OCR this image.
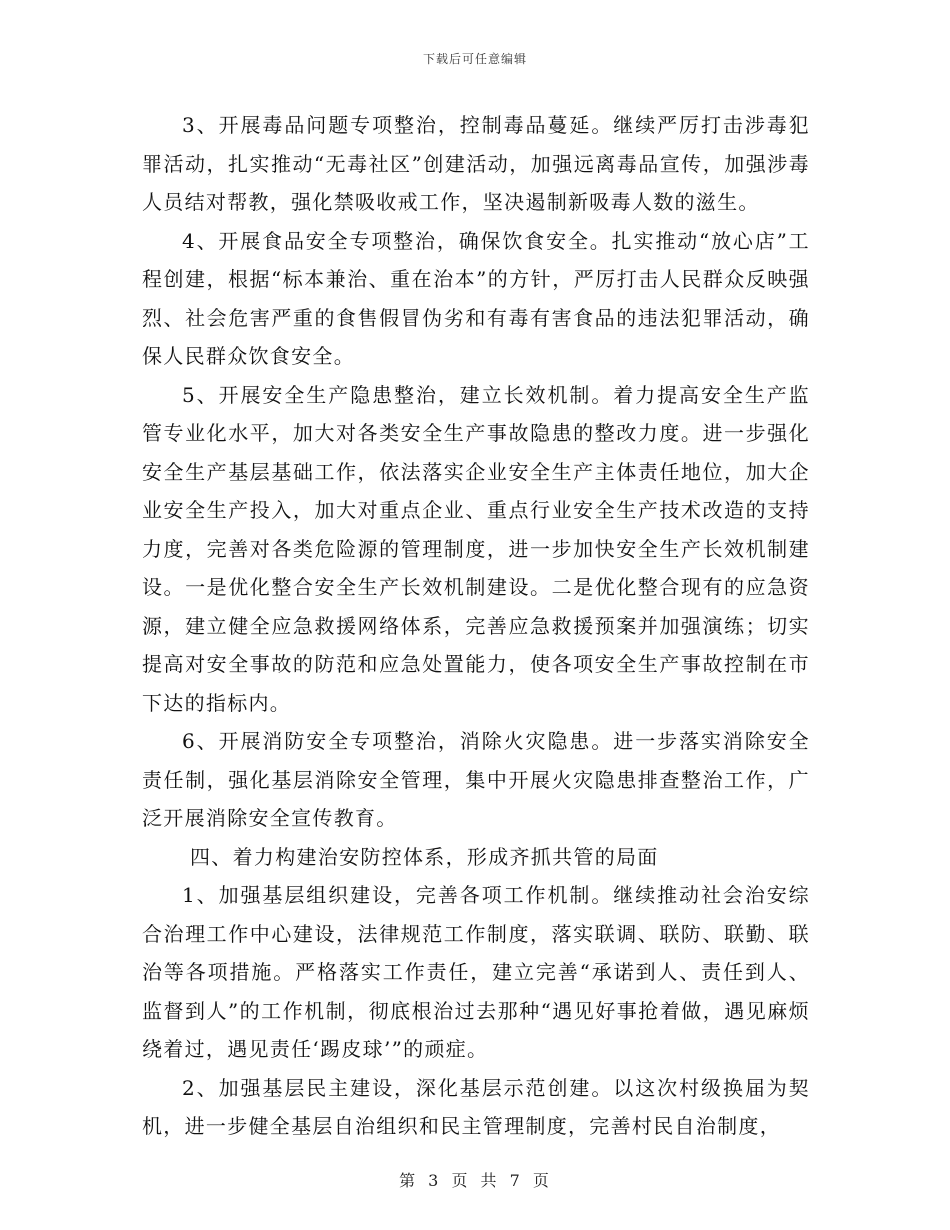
下载后可任意编辑

3、开展毒品问题专项整治，控制毒品蔓延。继续严厉打击涉毒犯罪活动，扎实推动“无毒社区”创建活动，加强远离毒品宣传，加强涉毒人员结对帮教，强化禁吸收戒工作，坚决遏制新吸毒人数的滋生。

4、开展食品安全专项整治，确保饮食安全。扎实推动“放心店”工程创建，根据“标本兼治、重在治本”的方针，严厉打击人民群众反映强烈、社会危害严重的食售假冒伪劣和有毒有害食品的违法犯罪活动，确保人民群众饮食安全。

5、开展安全生产隐患整治，建立长效机制。着力提高安全生产监管专业化水平，加大对各类安全生产事故隐患的整改力度。进一步强化安全生产基层基础工作，依法落实企业安全生产主体责任地位，加大企业安全生产投入，加大对重点企业、重点行业安全生产技术改造的支持力度，完善对各类危险源的管理制度，进一步加快安全生产长效机制建设。一是优化整合安全生产长效机制建设。二是优化整合现有的应急资源，建立健全应急救援网络体系，完善应急救援预案并加强演练；切实提高对安全事故的防范和应急处置能力，使各项安全生产事故控制在市下达的指标内。

6、开展消防安全专项整治，消除火灾隐患。进一步落实消除安全责任制，强化基层消除安全管理，集中开展火灾隐患排查整治工作，广泛开展消除安全宣传教育。

四、着力构建治安防控体系，形成齐抓共管的局面

1、加强基层组织建设，完善各项工作机制。继续推动社会治安综合治理工作中心建设，法律规范工作制度，落实联调、联防、联勤、联治等各项措施。严格落实工作责任，建立完善“承诺到人、责任到人、监督到人”的工作机制，彻底根治过去那种“遇见好事抢着做，遇见麻烦绕着过，遇见责任‘踢皮球’”的顽症。

2、加强基层民主建设，深化基层示范创建。以这次村级换届为契机，进一步健全基层自治组织和民主管理制度，完善村民自治制度，

第 3 页 共 7 页
